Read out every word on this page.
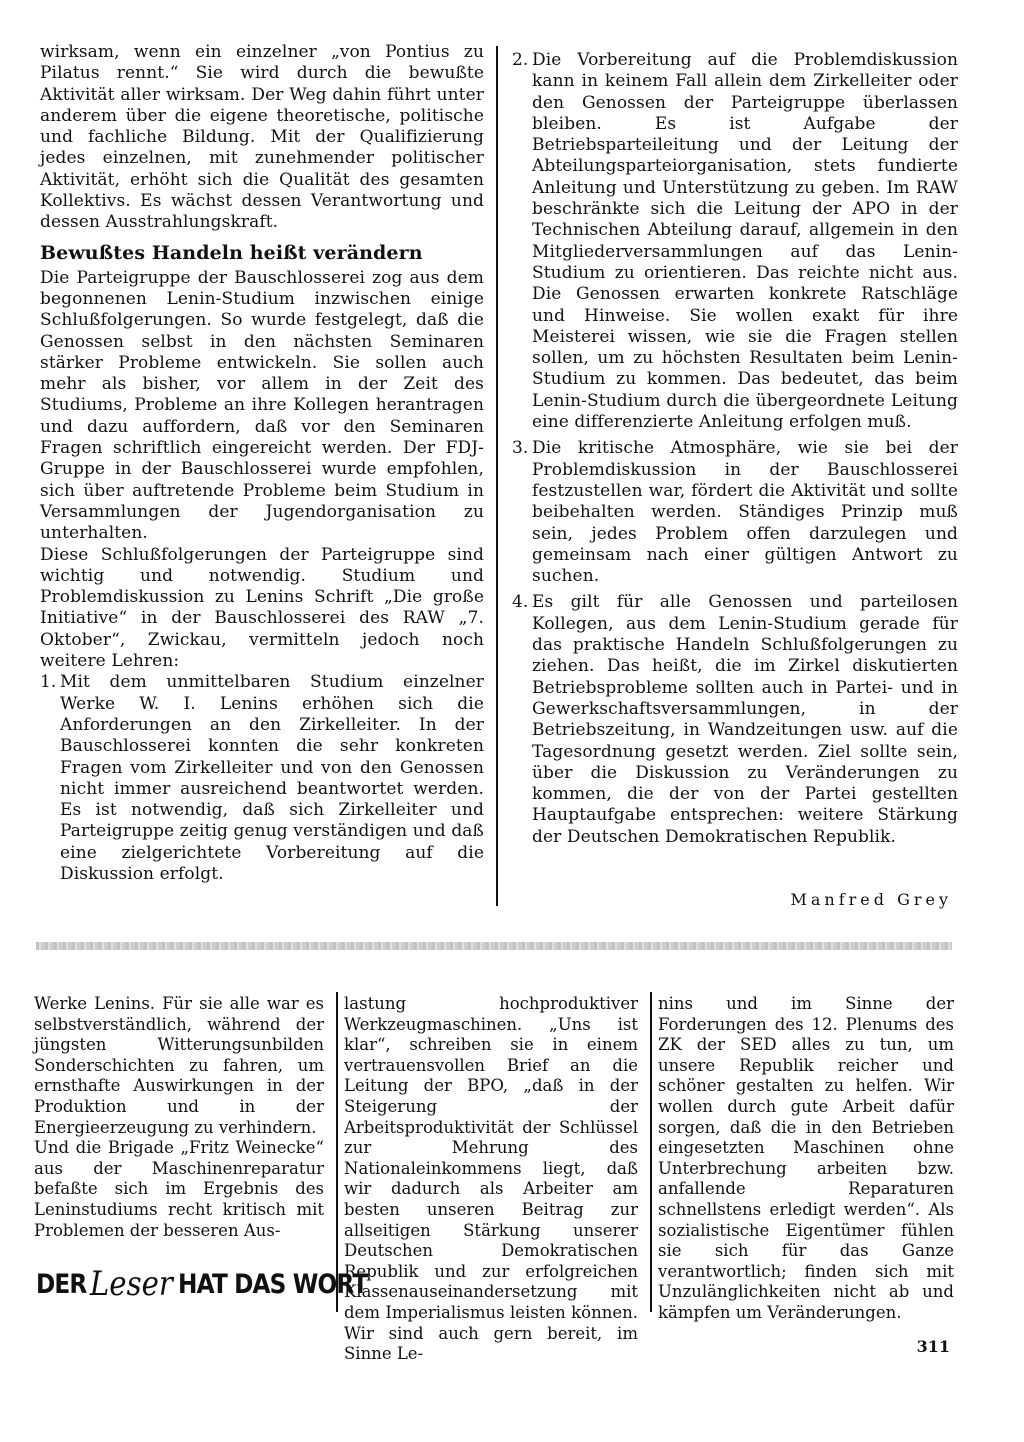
wirksam, wenn ein einzelner „von Pontius zu Pilatus rennt.“ Sie wird durch die bewußte Aktivität aller wirksam. Der Weg dahin führt unter anderem über die eigene theoretische, politische und fachliche Bildung. Mit der Qualifizierung jedes einzelnen, mit zunehmender politischer Aktivität, erhöht sich die Qualität des gesamten Kollektivs. Es wächst dessen Verantwortung und dessen Ausstrahlungskraft.

Bewußtes Handeln heißt verändern

Die Parteigruppe der Bauschlosserei zog aus dem begonnenen Lenin-Studium inzwischen einige Schlußfolgerungen. So wurde festgelegt, daß die Genossen selbst in den nächsten Seminaren stärker Probleme entwickeln. Sie sollen auch mehr als bisher, vor allem in der Zeit des Studiums, Probleme an ihre Kollegen herantragen und dazu auffordern, daß vor den Seminaren Fragen schriftlich eingereicht werden. Der FDJ-Gruppe in der Bauschlosserei wurde empfohlen, sich über auftretende Probleme beim Studium in Versammlungen der Jugendorganisation zu unterhalten.

Diese Schlußfolgerungen der Parteigruppe sind wichtig und notwendig. Studium und Problemdiskussion zu Lenins Schrift „Die große Initiative“ in der Bauschlosserei des RAW „7. Oktober“, Zwickau, vermitteln jedoch noch weitere Lehren:

1. Mit dem unmittelbaren Studium einzelner Werke W. I. Lenins erhöhen sich die Anforderungen an den Zirkelleiter. In der Bauschlosserei konnten die sehr konkreten Fragen vom Zirkelleiter und von den Genossen nicht immer ausreichend beantwortet werden. Es ist notwendig, daß sich Zirkelleiter und Parteigruppe zeitig genug verständigen und daß eine zielgerichtete Vorbereitung auf die Diskussion erfolgt.

2. Die Vorbereitung auf die Problemdiskussion kann in keinem Fall allein dem Zirkelleiter oder den Genossen der Parteigruppe überlassen bleiben. Es ist Aufgabe der Betriebsparteileitung und der Leitung der Abteilungsparteiorganisation, stets fundierte Anleitung und Unterstützung zu geben. Im RAW beschränkte sich die Leitung der APO in der Technischen Abteilung darauf, allgemein in den Mitgliederversammlungen auf das Lenin-Studium zu orientieren. Das reichte nicht aus. Die Genossen erwarten konkrete Ratschläge und Hinweise. Sie wollen exakt für ihre Meisterei wissen, wie sie die Fragen stellen sollen, um zu höchsten Resultaten beim Lenin-Studium zu kommen. Das bedeutet, das beim Lenin-Studium durch die übergeordnete Leitung eine differenzierte Anleitung erfolgen muß.

3. Die kritische Atmosphäre, wie sie bei der Problemdiskussion in der Bauschlosserei festzustellen war, fördert die Aktivität und sollte beibehalten werden. Ständiges Prinzip muß sein, jedes Problem offen darzulegen und gemeinsam nach einer gültigen Antwort zu suchen.

4. Es gilt für alle Genossen und parteilosen Kollegen, aus dem Lenin-Studium gerade für das praktische Handeln Schlußfolgerungen zu ziehen. Das heißt, die im Zirkel diskutierten Betriebsprobleme sollten auch in Partei- und in Gewerkschaftsversammlungen, in der Betriebszeitung, in Wandzeitungen usw. auf die Tagesordnung gesetzt werden. Ziel sollte sein, über die Diskussion zu Veränderungen zu kommen, die der von der Partei gestellten Hauptaufgabe entsprechen: weitere Stärkung der Deutschen Demokratischen Republik.

Manfred Grey

Werke Lenins. Für sie alle war es selbstverständlich, während der jüngsten Witterungsunbilden Sonderschichten zu fahren, um ernsthafte Auswirkungen in der Produktion und in der Energieerzeugung zu verhindern.

Und die Brigade „Fritz Weinecke“ aus der Maschinenreparatur befaßte sich im Ergebnis des Leninstudiums recht kritisch mit Problemen der besseren Aus-

lastung hochproduktiver Werkzeugmaschinen. „Uns ist klar“, schreiben sie in einem vertrauensvollen Brief an die Leitung der BPO, „daß in der Steigerung der Arbeitsproduktivität der Schlüssel zur Mehrung des Nationaleinkommens liegt, daß wir dadurch als Arbeiter am besten unseren Beitrag zur allseitigen Stärkung unserer Deutschen Demokratischen Republik und zur erfolgreichen Klassenauseinandersetzung mit dem Imperialismus leisten können. Wir sind auch gern bereit, im Sinne Le-

nins und im Sinne der Forderungen des 12. Plenums des ZK der SED alles zu tun, um unsere Republik reicher und schöner gestalten zu helfen. Wir wollen durch gute Arbeit dafür sorgen, daß die in den Betrieben eingesetzten Maschinen ohne Unterbrechung arbeiten bzw. anfallende Reparaturen schnellstens erledigt werden“. Als sozialistische Eigentümer fühlen sie sich für das Ganze verantwortlich; finden sich mit Unzulänglichkeiten nicht ab und kämpfen um Veränderungen.

DER Leser HAT DAS WORT
311
